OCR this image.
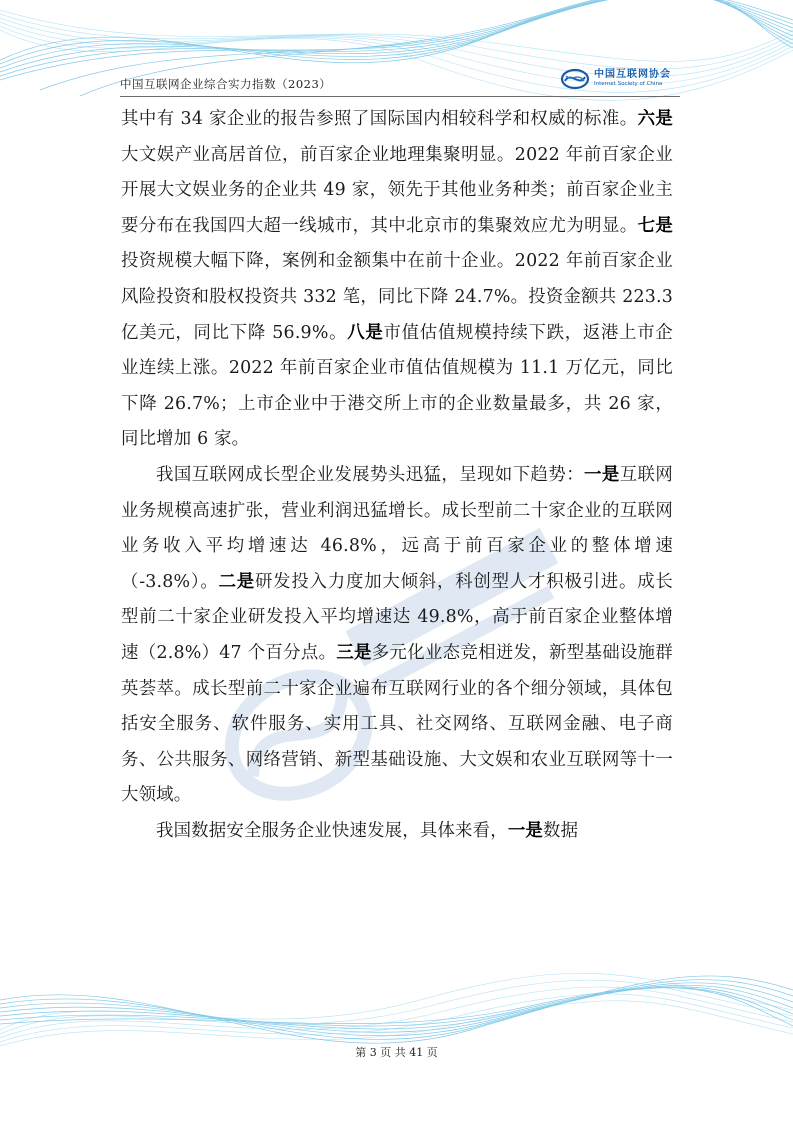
中国互联网企业综合实力指数（2023）
中国互联网协会
Internet Society of China

其中有 34 家企业的报告参照了国际国内相较科学和权威的标准。六是大文娱产业高居首位，前百家企业地理集聚明显。2022 年前百家企业开展大文娱业务的企业共 49 家，领先于其他业务种类；前百家企业主要分布在我国四大超一线城市，其中北京市的集聚效应尤为明显。七是投资规模大幅下降，案例和金额集中在前十企业。2022 年前百家企业风险投资和股权投资共 332 笔，同比下降 24.7%。投资金额共 223.3 亿美元，同比下降 56.9%。八是市值估值规模持续下跌，返港上市企业连续上涨。2022 年前百家企业市值估值规模为 11.1 万亿元，同比下降 26.7%；上市企业中于港交所上市的企业数量最多，共 26 家，同比增加 6 家。

我国互联网成长型企业发展势头迅猛，呈现如下趋势：一是互联网业务规模高速扩张，营业利润迅猛增长。成长型前二十家企业的互联网业务收入平均增速达 46.8%，远高于前百家企业的整体增速（-3.8%）。二是研发投入力度加大倾斜，科创型人才积极引进。成长型前二十家企业研发投入平均增速达 49.8%，高于前百家企业整体增速（2.8%）47 个百分点。三是多元化业态竞相迸发，新型基础设施群英荟萃。成长型前二十家企业遍布互联网行业的各个细分领域，具体包括安全服务、软件服务、实用工具、社交网络、互联网金融、电子商务、公共服务、网络营销、新型基础设施、大文娱和农业互联网等十一大领域。

我国数据安全服务企业快速发展，具体来看，一是数据

第 3 页 共 41 页
